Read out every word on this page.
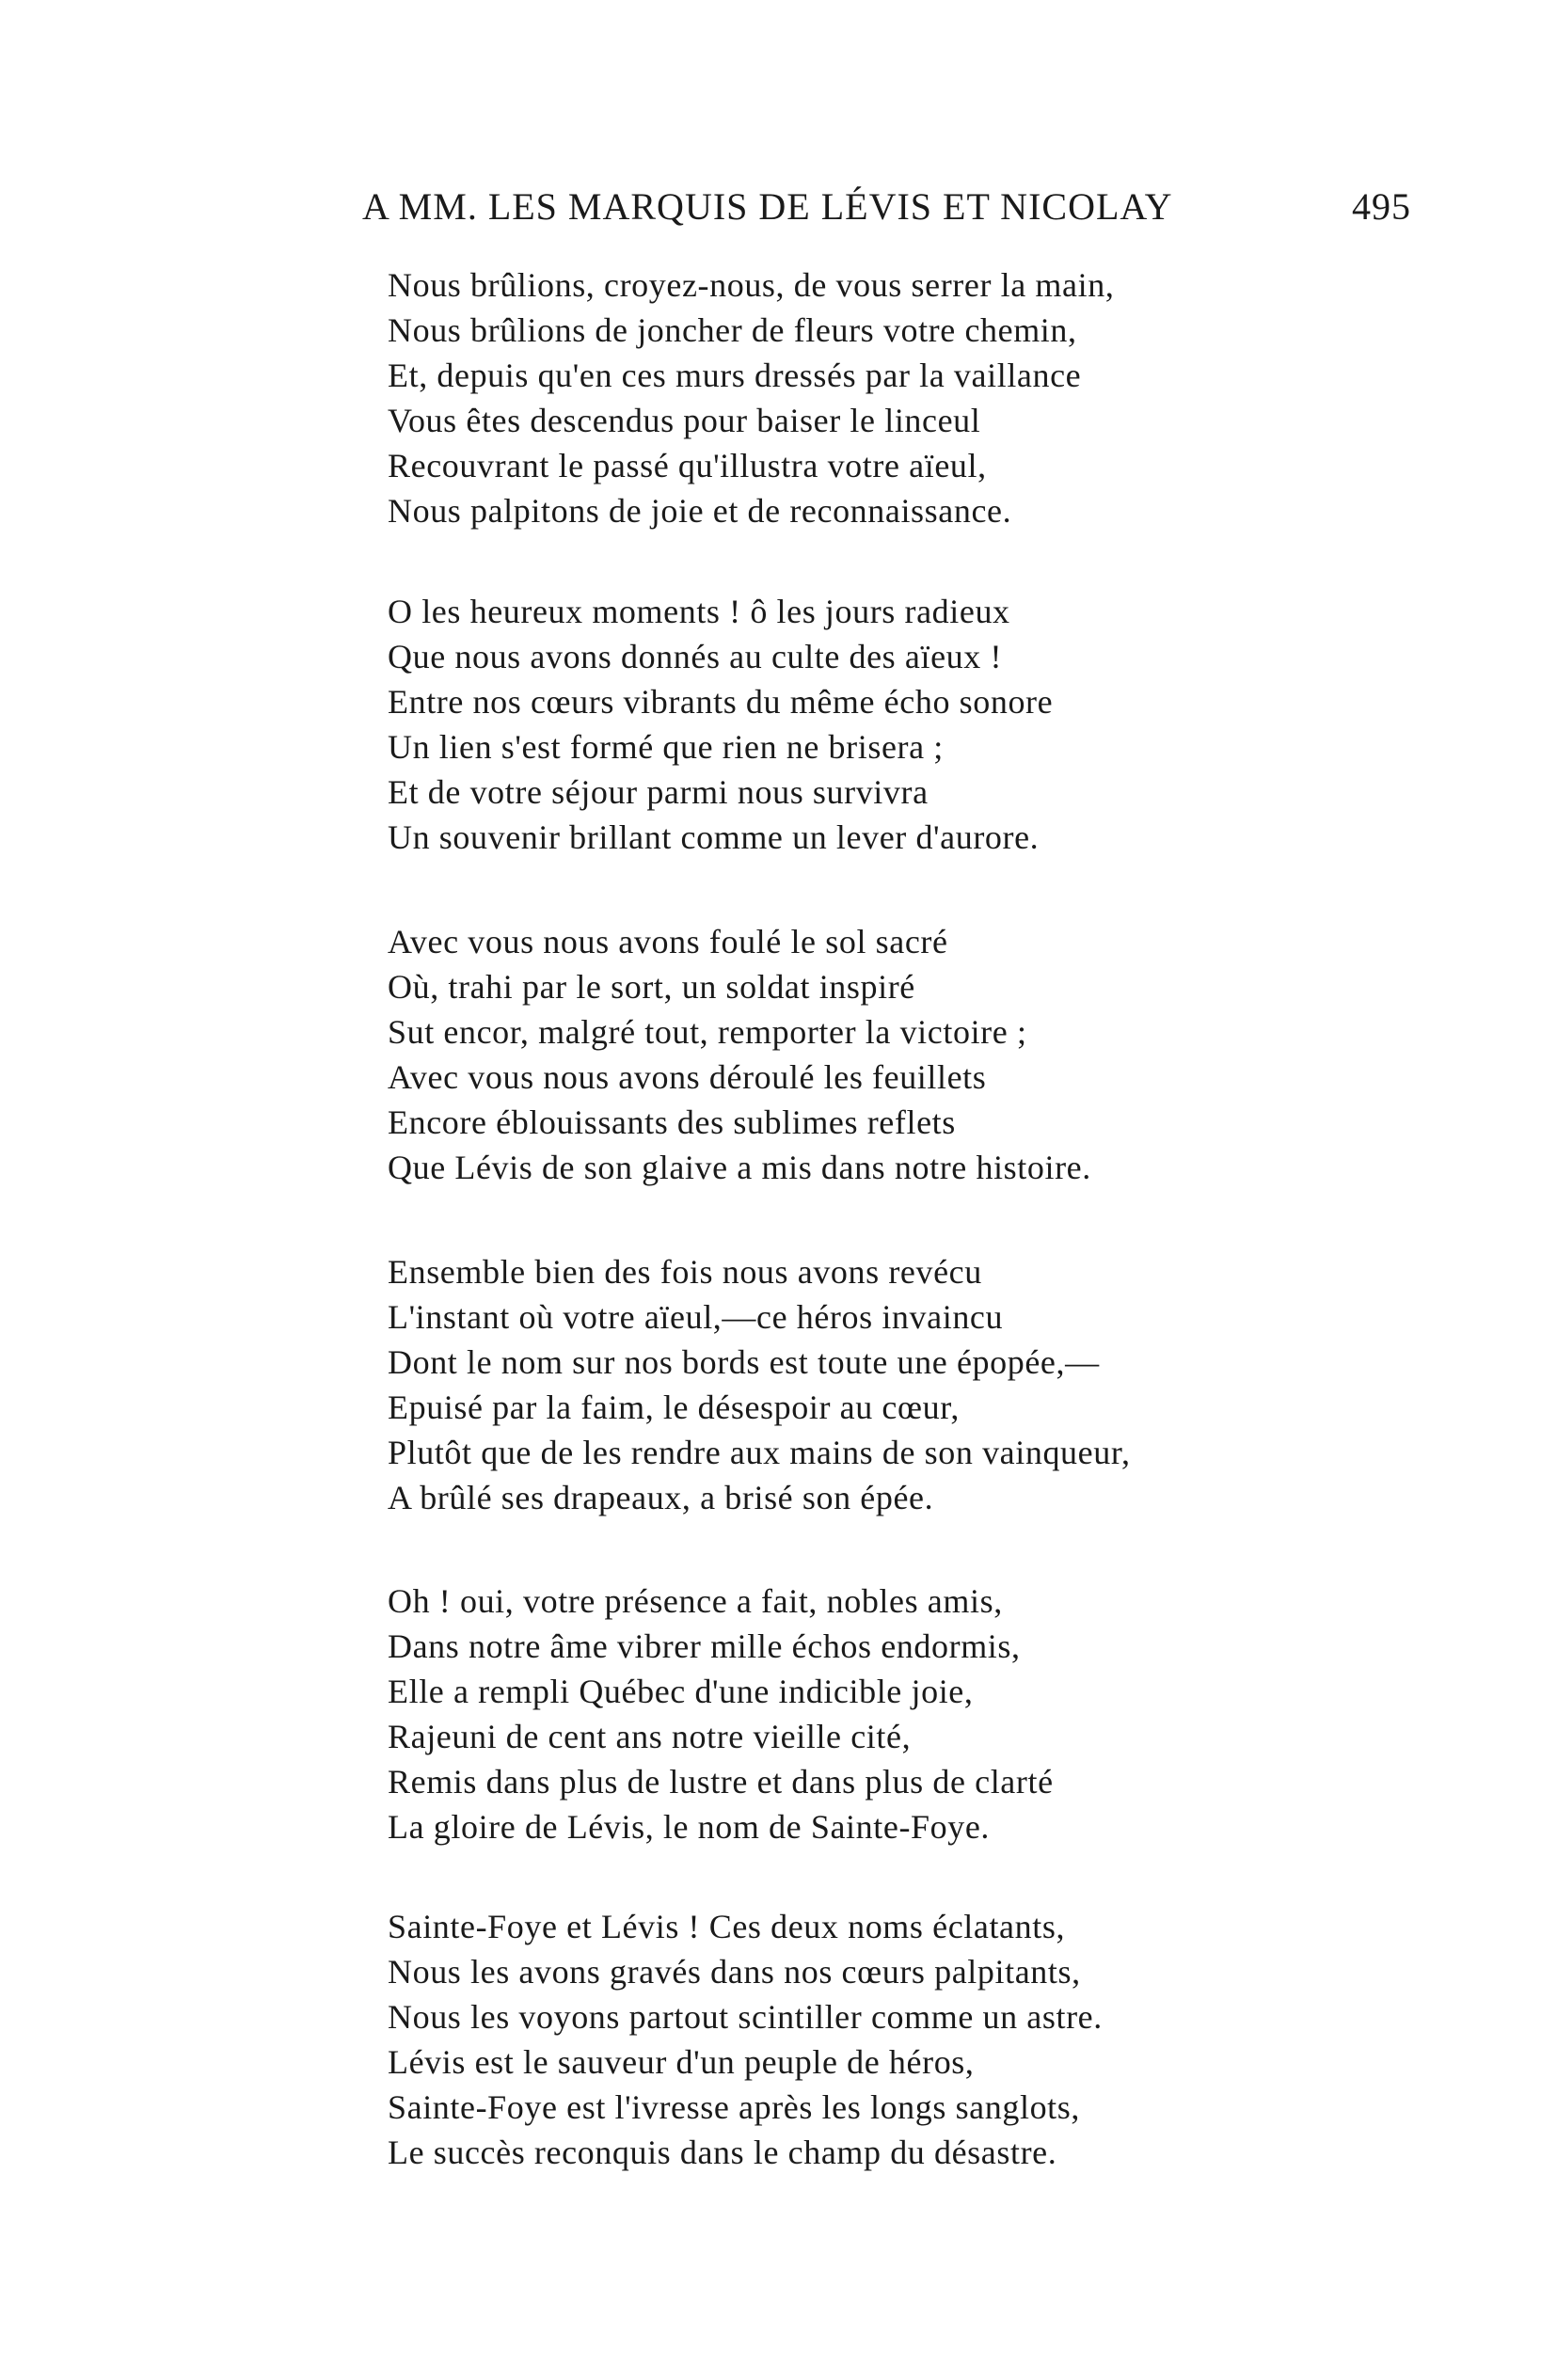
A MM. LES MARQUIS DE LÉVIS ET NICOLAY	495
Nous brûlions, croyez-nous, de vous serrer la main,
Nous brûlions de joncher de fleurs votre chemin,
Et, depuis qu'en ces murs dressés par la vaillance
Vous êtes descendus pour baiser le linceul
Recouvrant le passé qu'illustra votre aïeul,
Nous palpitons de joie et de reconnaissance.
O les heureux moments ! ô les jours radieux
Que nous avons donnés au culte des aïeux !
Entre nos cœurs vibrants du même écho sonore
Un lien s'est formé que rien ne brisera ;
Et de votre séjour parmi nous survivra
Un souvenir brillant comme un lever d'aurore.
Avec vous nous avons foulé le sol sacré
Où, trahi par le sort, un soldat inspiré
Sut encor, malgré tout, remporter la victoire ;
Avec vous nous avons déroulé les feuillets
Encore éblouissants des sublimes reflets
Que Lévis de son glaive a mis dans notre histoire.
Ensemble bien des fois nous avons revécu
L'instant où votre aïeul,—ce héros invaincu
Dont le nom sur nos bords est toute une épopée,—
Epuisé par la faim, le désespoir au cœur,
Plutôt que de les rendre aux mains de son vainqueur,
A brûlé ses drapeaux, a brisé son épée.
Oh ! oui, votre présence a fait, nobles amis,
Dans notre âme vibrer mille échos endormis,
Elle a rempli Québec d'une indicible joie,
Rajeuni de cent ans notre vieille cité,
Remis dans plus de lustre et dans plus de clarté
La gloire de Lévis, le nom de Sainte-Foye.
Sainte-Foye et Lévis ! Ces deux noms éclatants,
Nous les avons gravés dans nos cœurs palpitants,
Nous les voyons partout scintiller comme un astre.
Lévis est le sauveur d'un peuple de héros,
Sainte-Foye est l'ivresse après les longs sanglots,
Le succès reconquis dans le champ du désastre.
